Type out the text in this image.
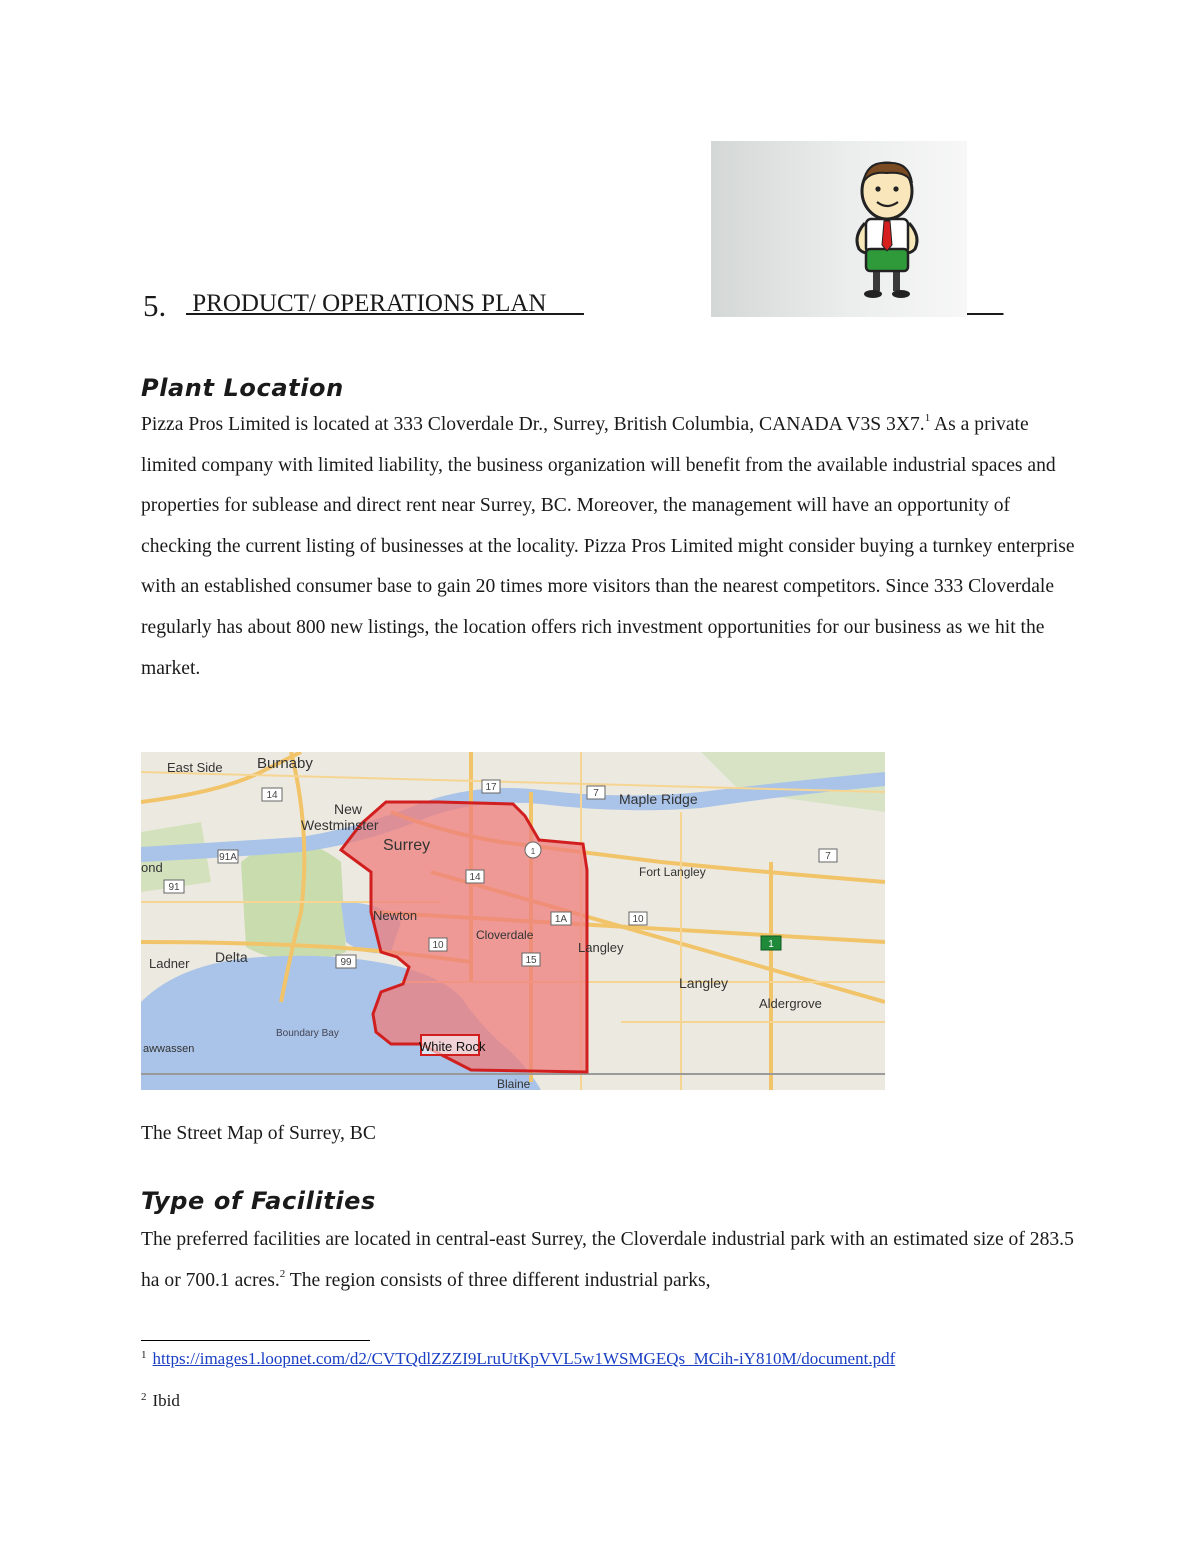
5. PRODUCT/ OPERATIONS PLAN

Plant Location
Pizza Pros Limited is located at 333 Cloverdale Dr., Surrey, British Columbia, CANADA V3S 3X7.$^1$ As a private limited company with limited liability, the business organization will benefit from the available industrial spaces and properties for sublease and direct rent near Surrey, BC. Moreover, the management will have an opportunity of checking the current listing of businesses at the locality. Pizza Pros Limited might consider buying a turnkey enterprise with an established consumer base to gain 20 times more visitors than the nearest competitors. Since 333 Cloverdale regularly has about 800 new listings, the location offers rich investment opportunities for our business as we hit the market.
14
91
91A
99
14
10
15
1A
17
7
7
10
1
1
East Side Burnaby
New
Westminster
Surrey
Maple Ridge
Fort Langley
Newton
Cloverdale
Langley
Langley
Aldergrove
Ladner Delta
Boundary Bay
awwassen	White Rock
Blaine
ond
The Street Map of Surrey, BC
Type of Facilities
The preferred facilities are located in central-east Surrey, the Cloverdale industrial park with an estimated size of 283.5 ha or 700.1 acres.$^2$ The region consists of three different industrial parks,
$^1$ https://images1.loopnet.com/d2/CVTQdlZZZI9LruUtKpVVL5w1WSMGEQs_MCih-iY810M/document.pdf
$^2$ Ibid
